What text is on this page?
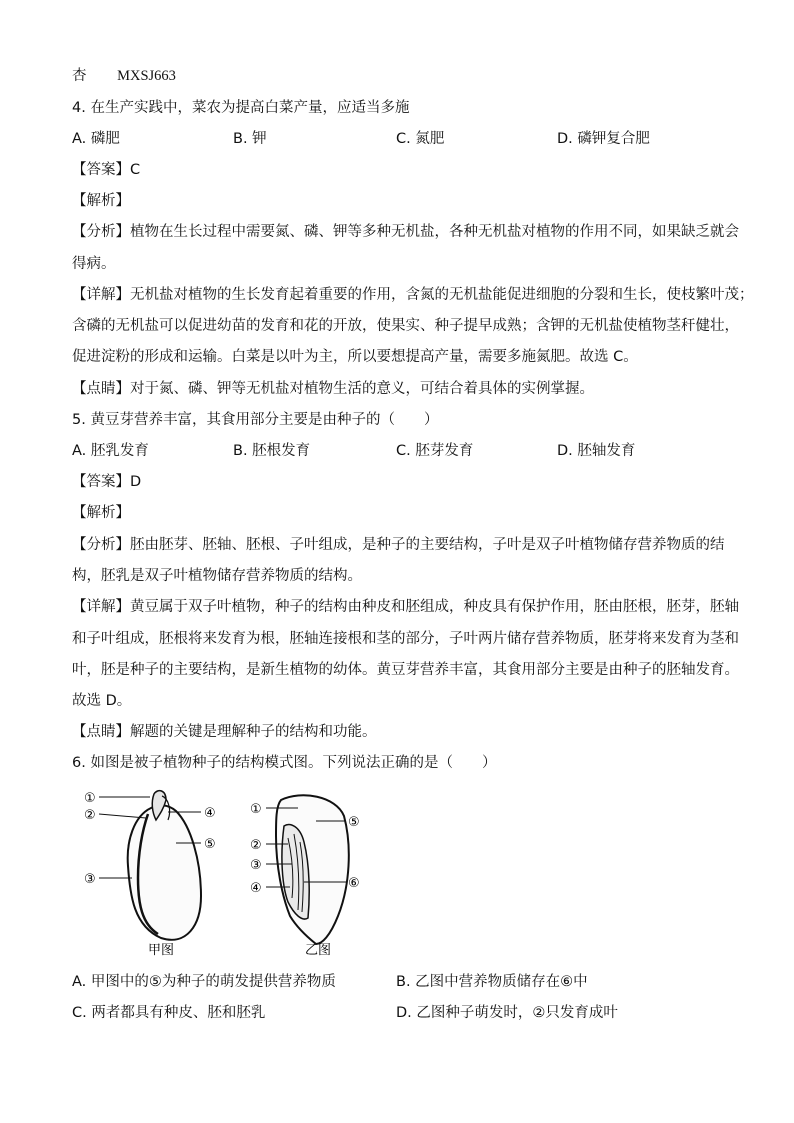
杏 MXSJ663
4. 在生产实践中，菜农为提高白菜产量，应适当多施
A. 磷肥	B. 钾	C. 氮肥	D. 磷钾复合肥
【答案】C
【解析】
【分析】植物在生长过程中需要氮、磷、钾等多种无机盐，各种无机盐对植物的作用不同，如果缺乏就会
得病。
【详解】无机盐对植物的生长发育起着重要的作用，含氮的无机盐能促进细胞的分裂和生长，使枝繁叶茂；
含磷的无机盐可以促进幼苗的发育和花的开放，使果实、种子提早成熟；含钾的无机盐使植物茎秆健壮，
促进淀粉的形成和运输。白菜是以叶为主，所以要想提高产量，需要多施氮肥。故选 C。
【点睛】对于氮、磷、钾等无机盐对植物生活的意义，可结合着具体的实例掌握。
5. 黄豆芽营养丰富，其食用部分主要是由种子的（　　）
A. 胚乳发育	B. 胚根发育	C. 胚芽发育	D. 胚轴发育
【答案】D
【解析】
【分析】胚由胚芽、胚轴、胚根、子叶组成，是种子的主要结构，子叶是双子叶植物储存营养物质的结
构，胚乳是双子叶植物储存营养物质的结构。
【详解】黄豆属于双子叶植物，种子的结构由种皮和胚组成，种皮具有保护作用，胚由胚根，胚芽，胚轴
和子叶组成，胚根将来发育为根，胚轴连接根和茎的部分，子叶两片储存营养物质，胚芽将来发育为茎和
叶，胚是种子的主要结构，是新生植物的幼体。黄豆芽营养丰富，其食用部分主要是由种子的胚轴发育。
故选 D。
【点睛】解题的关键是理解种子的结构和功能。
6. 如图是被子植物种子的结构模式图。下列说法正确的是（　　）
①
②
③
④
⑤
甲图
①
②
③
④
⑤
⑥
乙图
A. 甲图中的⑤为种子的萌发提供营养物质	B. 乙图中营养物质储存在⑥中
C. 两者都具有种皮、胚和胚乳	D. 乙图种子萌发时，②只发育成叶
